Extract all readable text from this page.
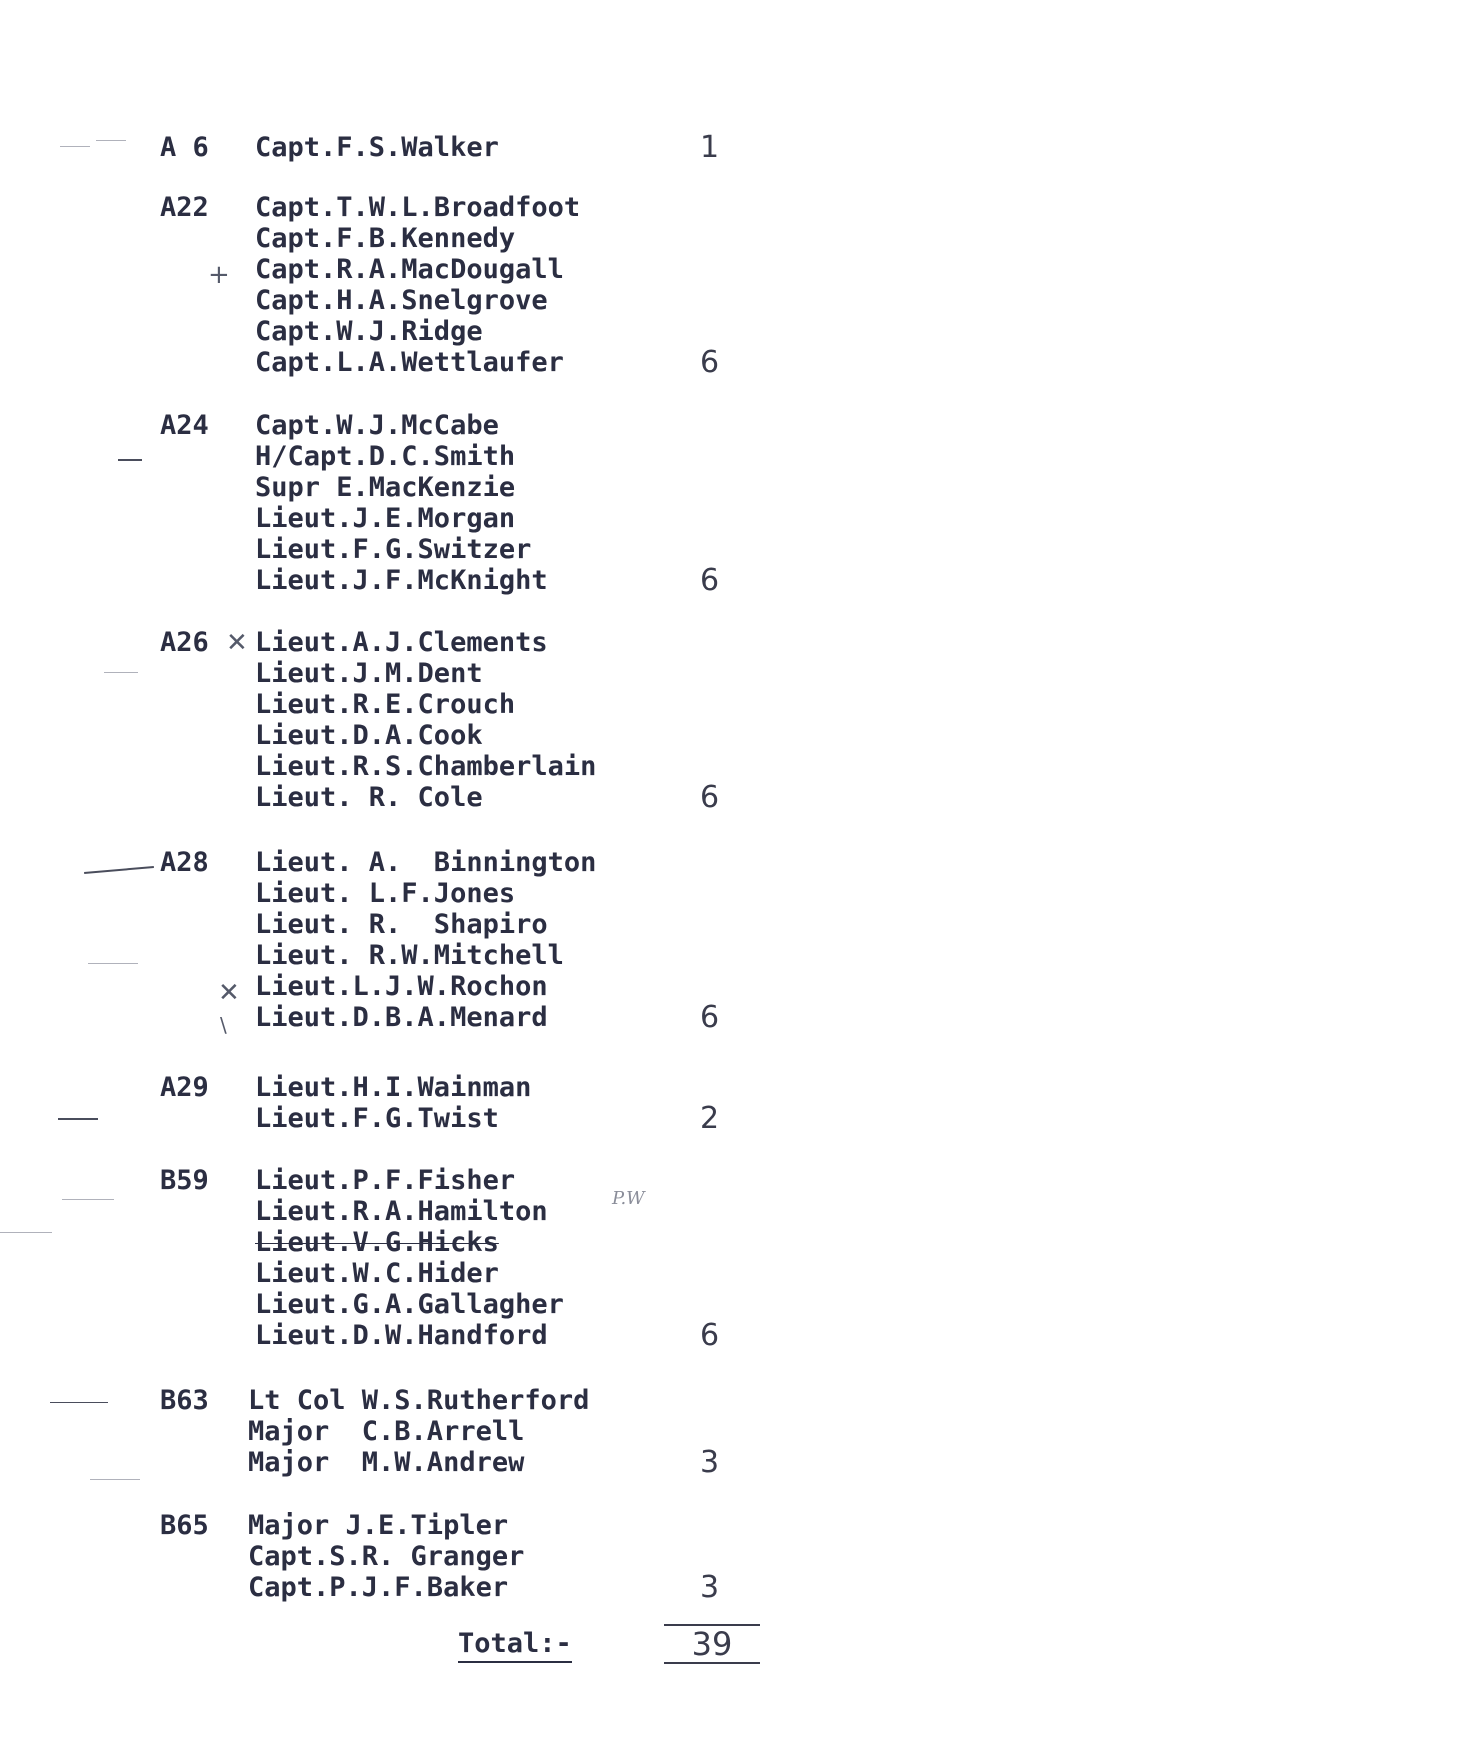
A 6	Capt.F.S.Walker	1
A22	Capt.T.W.L.Broadfoot
Capt.F.B.Kennedy
Capt.R.A.MacDougall
Capt.H.A.Snelgrove
Capt.W.J.Ridge
Capt.L.A.Wettlaufer	6
A24	Capt.W.J.McCabe
H/Capt.D.C.Smith
Supr E.MacKenzie
Lieut.J.E.Morgan
Lieut.F.G.Switzer
Lieut.J.F.McKnight	6
A26	Lieut.A.J.Clements
Lieut.J.M.Dent
Lieut.R.E.Crouch
Lieut.D.A.Cook
Lieut.R.S.Chamberlain
Lieut. R. Cole	6
A28	Lieut. A.  Binnington
Lieut. L.F.Jones
Lieut. R.  Shapiro
Lieut. R.W.Mitchell
Lieut.L.J.W.Rochon
Lieut.D.B.A.Menard	6
A29	Lieut.H.I.Wainman
Lieut.F.G.Twist	2
B59	Lieut.P.F.Fisher
Lieut.R.A.Hamilton
Lieut.V.G.Hicks
Lieut.W.C.Hider
Lieut.G.A.Gallagher
Lieut.D.W.Handford	6
B63	Lt Col W.S.Rutherford
Major  C.B.Arrell
Major  M.W.Andrew	3
B65	Major J.E.Tipler
Capt.S.R. Granger
Capt.P.J.F.Baker	3
Total:-	39
P.W
+
✕
✕
\
